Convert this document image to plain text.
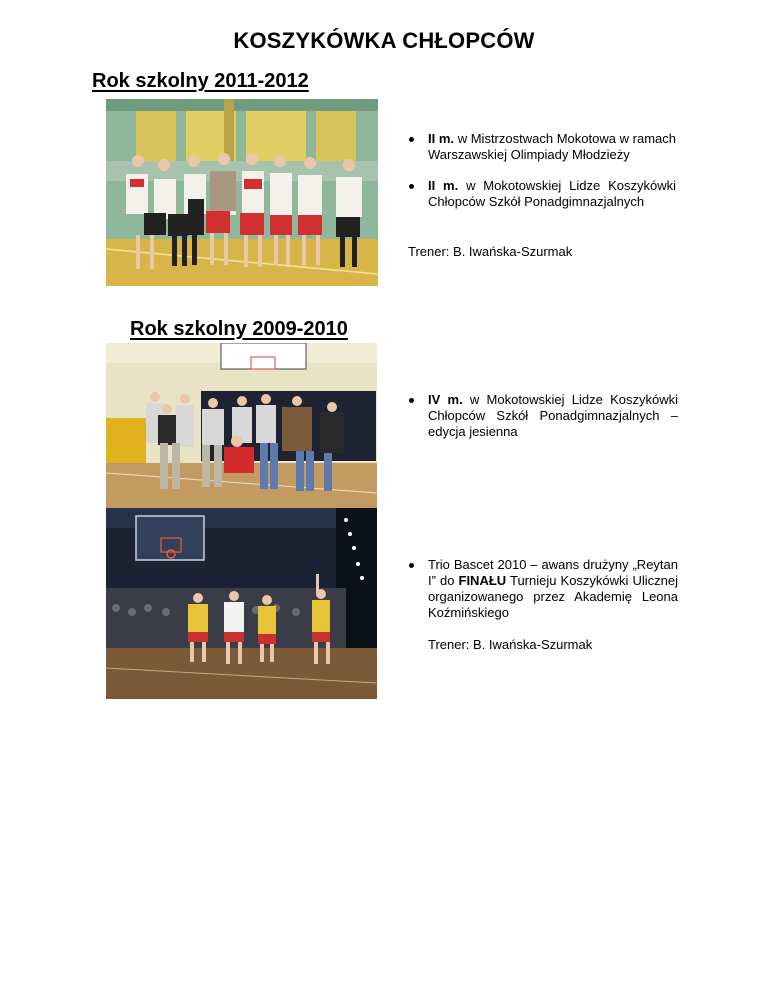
KOSZYKÓWKA CHŁOPCÓW
Rok szkolny 2011-2012
II m. w Mistrzostwach Mokotowa w ramach Warszawskiej Olimpiady Młodzieży
II m. w Mokotowskiej Lidze Koszykówki Chłopców Szkół Ponadgimnazjalnych
Trener: B. Iwańska-Szurmak
Rok szkolny 2009-2010
IV m. w Mokotowskiej Lidze Koszykówki Chłopców Szkół Ponadgimnazjalnych – edycja jesienna
Trio Bascet 2010 – awans drużyny „Reytan I” do FINAŁU Turnieju Koszykówki Ulicznej organizowanego przez Akademię Leona Koźmińskiego
Trener: B. Iwańska-Szurmak
